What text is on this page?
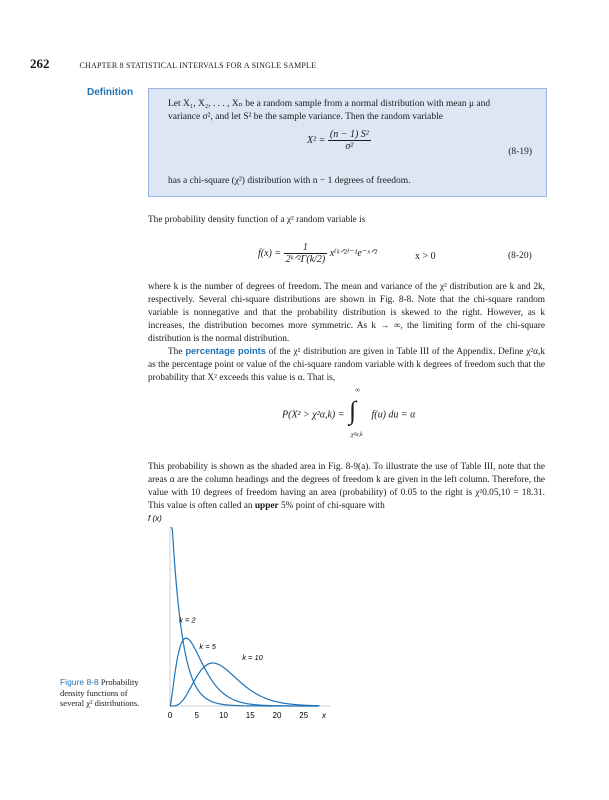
262	CHAPTER 8 STATISTICAL INTERVALS FOR A SINGLE SAMPLE
Definition
Let X₁, X₂, . . . , Xₙ be a random sample from a normal distribution with mean μ and
variance σ², and let S² be the sample variance. Then the random variable
$X^2 = \frac{\text{(n − 1) S²}}{\text{σ²}}$	(8-19)
has a chi-square (χ²) distribution with n − 1 degrees of freedom.
The probability density function of a χ² random variable is
$f(x) = \frac{1}{\text{2ᵏᐟ²Γ(k/2)}}$ x⁽ᵏᐟ²⁾⁻¹e⁻ˣᐟ²	x > 0	(8-20)
where k is the number of degrees of freedom. The mean and variance of the χ² distribution are k and 2k, respectively. Several chi-square distributions are shown in Fig. 8-8. Note that the chi-square random variable is nonnegative and that the probability distribution is skewed to the right. However, as k increases, the distribution becomes more symmetric. As k → ∞, the limiting form of the chi-square distribution is the normal distribution.
The percentage points of the χ² distribution are given in Table III of the Appendix. Define χ²α,k as the percentage point or value of the chi-square random variable with k degrees of freedom such that the probability that X² exceeds this value is α. That is,
P(X² > χ²α,k) =
∞
∫
χ²α,k
f(u) du = α
This probability is shown as the shaded area in Fig. 8-9(a). To illustrate the use of Table III, note that the areas α are the column headings and the degrees of freedom k are given in the left column. Therefore, the value with 10 degrees of freedom having an area (probability) of 0.05 to the right is χ²0.05,10 = 18.31. This value is often called an upper 5% point of chi-square with
f (x)
x
0	5	10 15 20 25
k = 2
k = 5
k = 10
Figure 8-8 Probability density functions of several χ² distributions.
